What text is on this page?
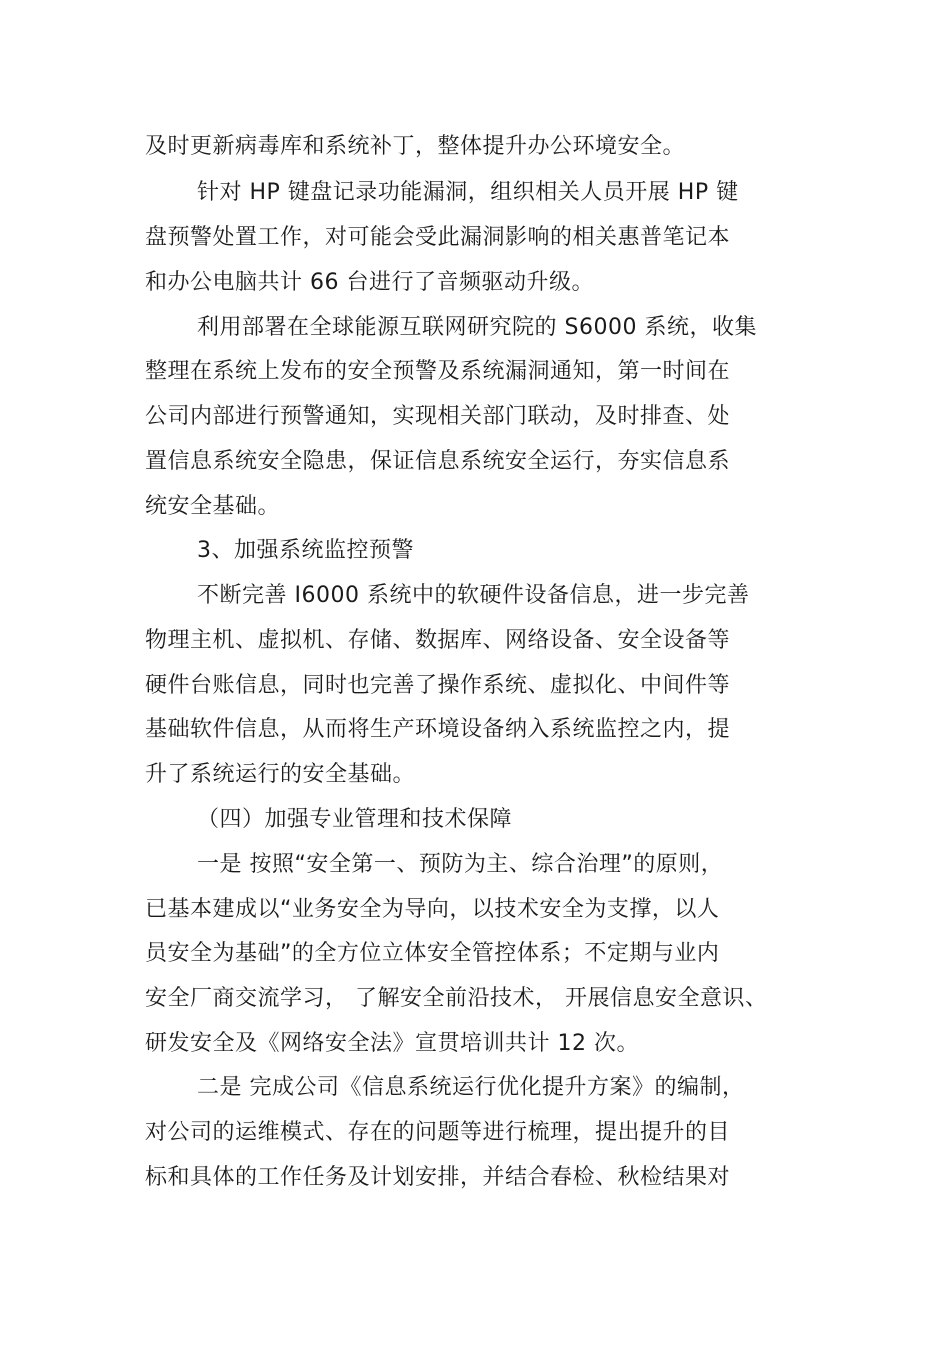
及时更新病毒库和系统补丁，整体提升办公环境安全。
针对 HP 键盘记录功能漏洞，组织相关人员开展 HP 键
盘预警处置工作，对可能会受此漏洞影响的相关惠普笔记本
和办公电脑共计 66 台进行了音频驱动升级。
利用部署在全球能源互联网研究院的 S6000 系统，收集
整理在系统上发布的安全预警及系统漏洞通知，第一时间在
公司内部进行预警通知，实现相关部门联动，及时排查、处
置信息系统安全隐患，保证信息系统安全运行，夯实信息系
统安全基础。
3、加强系统监控预警
不断完善 I6000 系统中的软硬件设备信息，进一步完善
物理主机、虚拟机、存储、数据库、网络设备、安全设备等
硬件台账信息，同时也完善了操作系统、虚拟化、中间件等
基础软件信息，从而将生产环境设备纳入系统监控之内，提
升了系统运行的安全基础。
（四）加强专业管理和技术保障
一是 按照“安全第一、预防为主、综合治理”的原则，
已基本建成以“业务安全为导向，以技术安全为支撑，以人
员安全为基础”的全方位立体安全管控体系；不定期与业内
安全厂商交流学习， 了解安全前沿技术， 开展信息安全意识、
研发安全及《网络安全法》宣贯培训共计 12 次。
二是 完成公司《信息系统运行优化提升方案》的编制，
对公司的运维模式、存在的问题等进行梳理，提出提升的目
标和具体的工作任务及计划安排，并结合春检、秋检结果对
